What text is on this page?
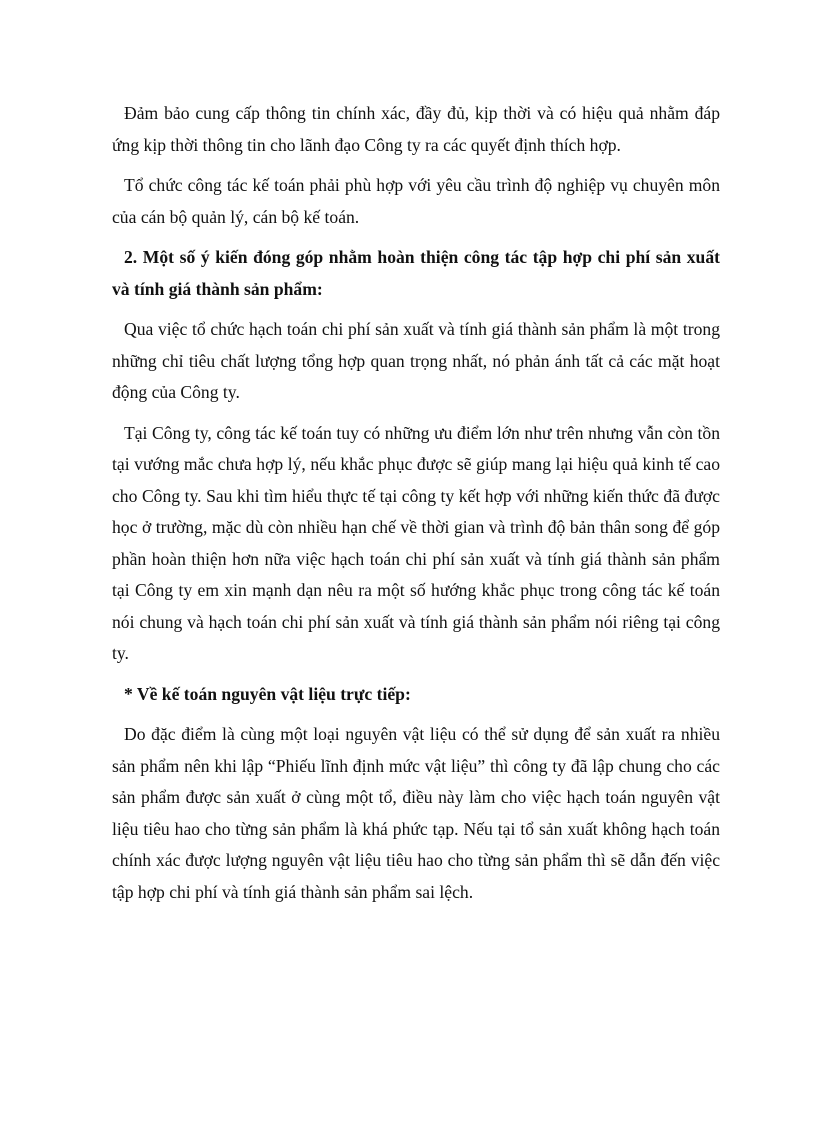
Đảm bảo cung cấp thông tin chính xác, đầy đủ, kịp thời và có hiệu quả nhằm đáp ứng kịp thời thông tin cho lãnh đạo Công ty ra các quyết định thích hợp.

Tổ chức công tác kế toán phải phù hợp với yêu cầu trình độ nghiệp vụ chuyên môn của cán bộ quản lý, cán bộ kế toán.

2. Một số ý kiến đóng góp nhằm hoàn thiện công tác tập hợp chi phí sản xuất và tính giá thành sản phẩm:

Qua việc tổ chức hạch toán chi phí sản xuất và tính giá thành sản phẩm là một trong những chỉ tiêu chất lượng tổng hợp quan trọng nhất, nó phản ánh tất cả các mặt hoạt động của Công ty.

Tại Công ty, công tác kế toán tuy có những ưu điểm lớn như trên nhưng vẫn còn tồn tại vướng mắc chưa hợp lý, nếu khắc phục được sẽ giúp mang lại hiệu quả kinh tế cao cho Công ty. Sau khi tìm hiểu thực tế tại công ty kết hợp với những kiến thức đã được học ở trường, mặc dù còn nhiều hạn chế về thời gian và trình độ bản thân song để góp phần hoàn thiện hơn nữa việc hạch toán chi phí sản xuất và tính giá thành sản phẩm tại Công ty em xin mạnh dạn nêu ra một số hướng khắc phục trong công tác kế toán nói chung và hạch toán chi phí sản xuất và tính giá thành sản phẩm nói riêng tại công ty.

* Về kế toán nguyên vật liệu trực tiếp:

Do đặc điểm là cùng một loại nguyên vật liệu có thể sử dụng để sản xuất ra nhiều sản phẩm nên khi lập “Phiếu lĩnh định mức vật liệu” thì công ty đã lập chung cho các sản phẩm được sản xuất ở cùng một tổ, điều này làm cho việc hạch toán nguyên vật liệu tiêu hao cho từng sản phẩm là khá phức tạp. Nếu tại tổ sản xuất không hạch toán chính xác được lượng nguyên vật liệu tiêu hao cho từng sản phẩm thì sẽ dẫn đến việc tập hợp chi phí và tính giá thành sản phẩm sai lệch.
